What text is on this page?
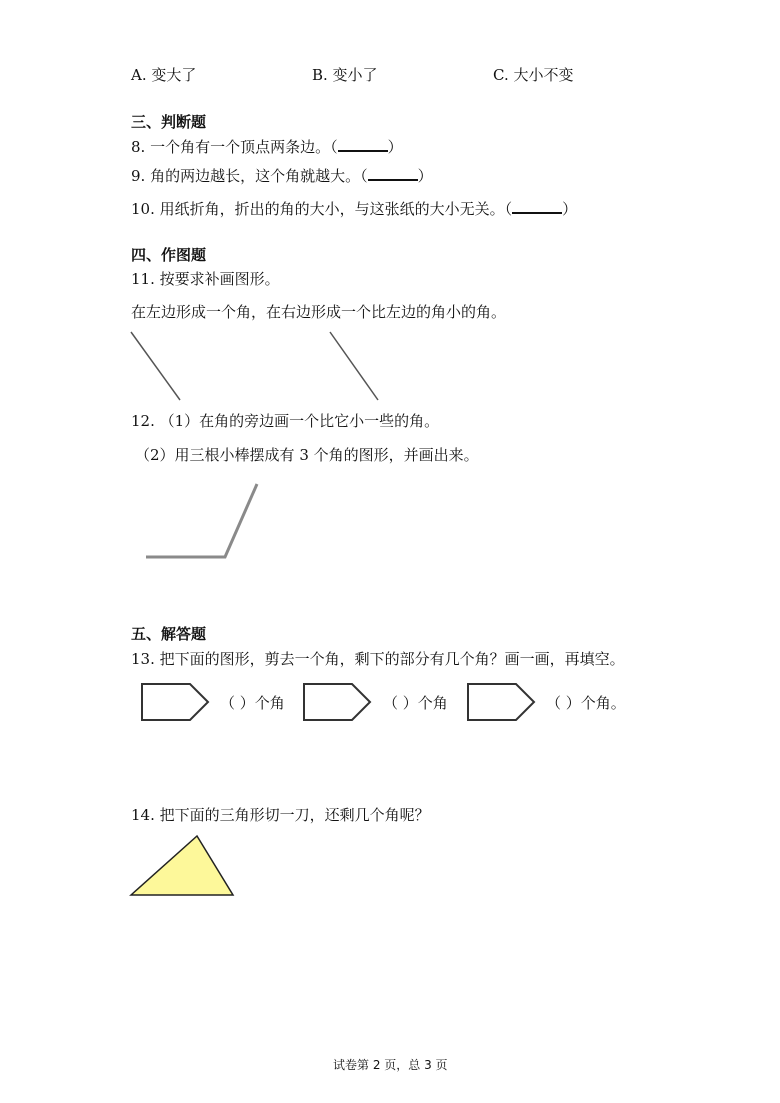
A. 变大了	B. 变小了	C. 大小不变
三、判断题
8. 一个角有一个顶点两条边。（	）
9. 角的两边越长，这个角就越大。（	）
10. 用纸折角，折出的角的大小，与这张纸的大小无关。（	）
四、作图题
11. 按要求补画图形。
在左边形成一个角，在右边形成一个比左边的角小的角。
12. （1）在角的旁边画一个比它小一些的角。
（2）用三根小棒摆成有 3 个角的图形，并画出来。
五、解答题
13. 把下面的图形，剪去一个角，剩下的部分有几个角？画一画，再填空。
（ ）个角	（ ）个角	（ ）个角。
14. 把下面的三角形切一刀，还剩几个角呢？
试卷第 2 页，总 3 页
